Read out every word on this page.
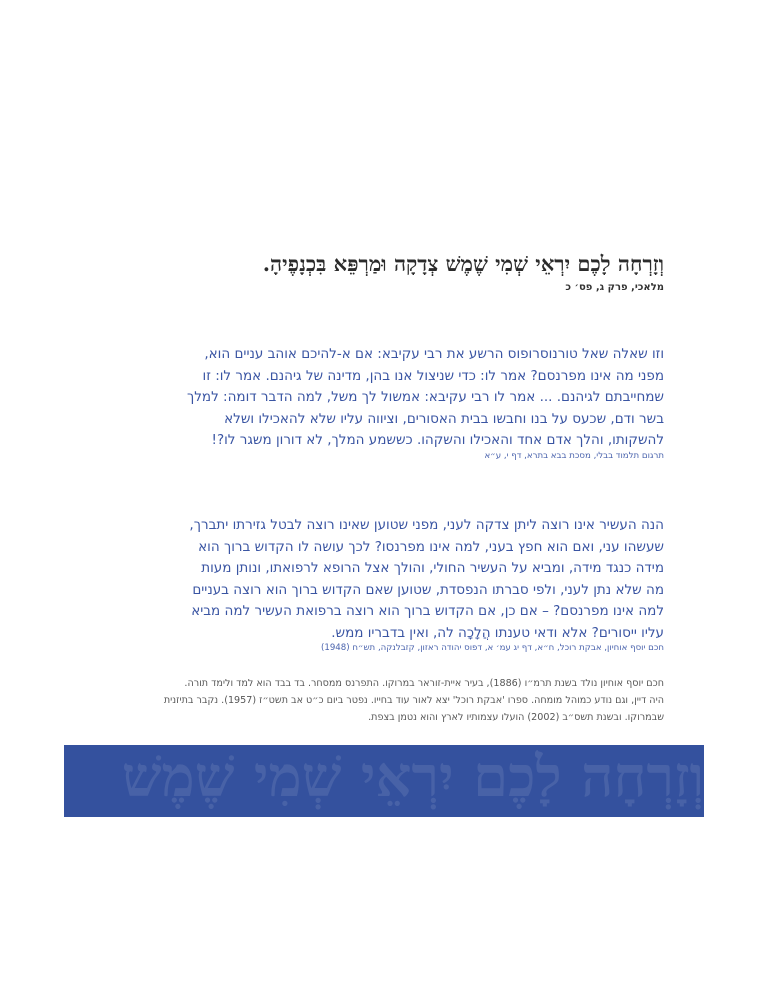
וְזָרְחָה לָכֶם יִרְאֵי שְׁמִי שֶׁמֶשׁ צְדָקָה וּמַרְפֵּא בִּכְנָפֶיהָ.
מלאכי, פרק ג, פס׳ כ
וזו שאלה שאל טורנוסרופוס הרשע את רבי עקיבא: אם א-להיכם אוהב עניים הוא,
מפני מה אינו מפרנסם? אמר לו: כדי שניצול אנו בהן, מדינה של גיהנם. אמר לו: זו
שמחייבתם לגיהנם. ... אמר לו רבי עקיבא: אמשול לך משל, למה הדבר דומה: למלך
בשר ודם, שכעס על בנו וחבשו בבית האסורים, וציווה עליו שלא להאכילו ושלא
להשקותו, והלך אדם אחד והאכילו והשקהו. כששמע המלך, לא דורון משגר לו?!
תרגום תלמוד בבלי, מסכת בבא בתרא, דף י, ע״א
הנה העשיר אינו רוצה ליתן צדקה לעני, מפני שטוען שאינו רוצה לבטל גזירתו יתברך,
שעשהו עני, ואם הוא חפץ בעני, למה אינו מפרנסו? לכך עושה לו הקדוש ברוך הוא
מידה כנגד מידה, ומביא על העשיר החולי, והולך אצל הרופא לרפואתו, ונותן מעות
מה שלא נתן לעני, ולפי סברתו הנפסדת, שטוען שאם הקדוש ברוך הוא רוצה בעניים
למה אינו מפרנסם? – אם כן, אם הקדוש ברוך הוא רוצה ברפואת העשיר למה מביא
עליו ייסורים? אלא ודאי טענתו הֲלָכָה לה, ואין בדבריו ממש.
חכם יוסף אוחיון, אבקת רוכל, ח״א, דף יג עמ׳ א, דפוס יהודה ראזון, קזבלנקה, תש״ח (1948)
חכם יוסף אוחיון נולד בשנת תרמ״ו (1886), בעיר איית-זוראר במרוקו. התפרנס ממסחר. בד בבד הוא למד ולימד תורה.
היה דיין, וגם נודע כמוהל מומחה. ספרו 'אבקת רוכל' יצא לאור עוד בחייו. נפטר ביום כ״ט אב תשט״ז (1957). נקבר בתיזנית
שבמרוקו. ובשנת תשס״ב (2002) הועלו עצמותיו לארץ והוא נטמן בצפת.
וְזָרְחָה לָכֶם יִרְאֵי שְׁמִי שֶׁמֶשׁ	עמוד · 10
